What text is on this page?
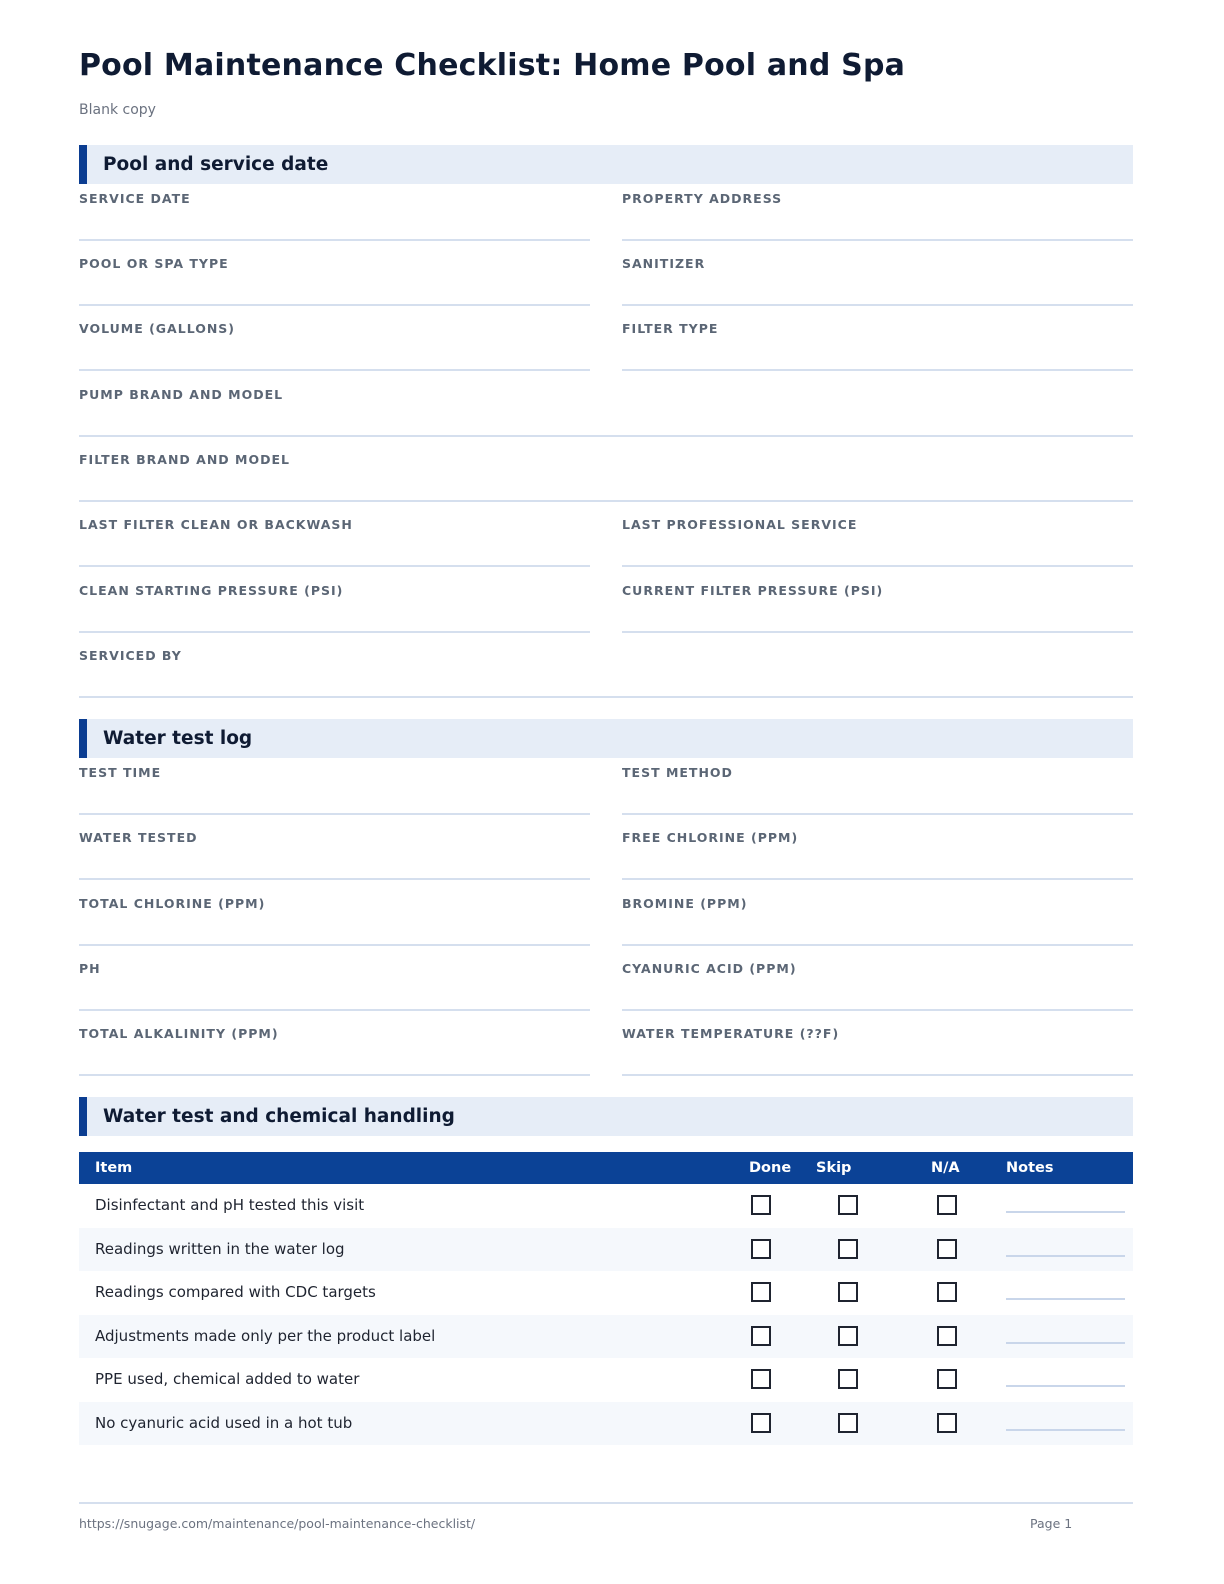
Pool Maintenance Checklist: Home Pool and Spa
Blank copy
Pool and service date
SERVICE DATE	PROPERTY ADDRESS
POOL OR SPA TYPE	SANITIZER
VOLUME (GALLONS)	FILTER TYPE
PUMP BRAND AND MODEL
FILTER BRAND AND MODEL
LAST FILTER CLEAN OR BACKWASH	LAST PROFESSIONAL SERVICE
CLEAN STARTING PRESSURE (PSI)	CURRENT FILTER PRESSURE (PSI)
SERVICED BY
Water test log
TEST TIME	TEST METHOD
WATER TESTED	FREE CHLORINE (PPM)
TOTAL CHLORINE (PPM)	BROMINE (PPM)
PH	CYANURIC ACID (PPM)
TOTAL ALKALINITY (PPM)	WATER TEMPERATURE (??F)
Water test and chemical handling
Item	Done Skip	N/A	Notes
Disinfectant and pH tested this visit
Readings written in the water log
Readings compared with CDC targets
Adjustments made only per the product label
PPE used, chemical added to water
No cyanuric acid used in a hot tub
https://snugage.com/maintenance/pool-maintenance-checklist/	Page 1
